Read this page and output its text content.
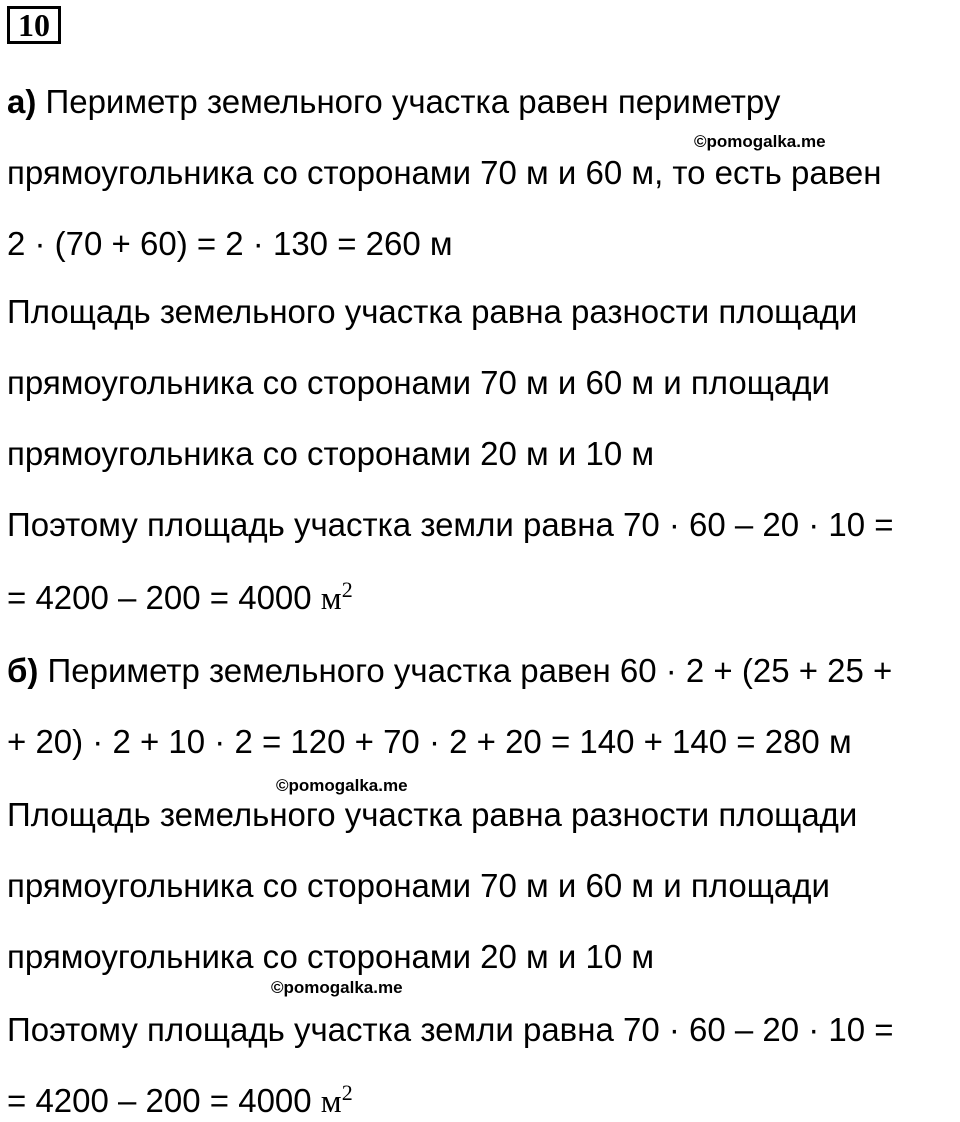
10
а) Периметр земельного участка равен периметру
прямоугольника со сторонами 70 м и 60 м, то есть равен
2 · (70 + 60) = 2 · 130 = 260 м
Площадь земельного участка равна разности площади
прямоугольника со сторонами 70 м и 60 м и площади
прямоугольника со сторонами 20 м и 10 м
Поэтому площадь участка земли равна 70 · 60 – 20 · 10 =
= 4200 – 200 = 4000 $м^2$
б) Периметр земельного участка равен 60 · 2 + (25 + 25 +
+ 20) · 2 + 10 · 2 = 120 + 70 · 2 + 20 = 140 + 140 = 280 м
Площадь земельного участка равна разности площади
прямоугольника со сторонами 70 м и 60 м и площади
прямоугольника со сторонами 20 м и 10 м
Поэтому площадь участка земли равна 70 · 60 – 20 · 10 =
= 4200 – 200 = 4000 $м^2$
©pomogalka.me
©pomogalka.me
©pomogalka.me
